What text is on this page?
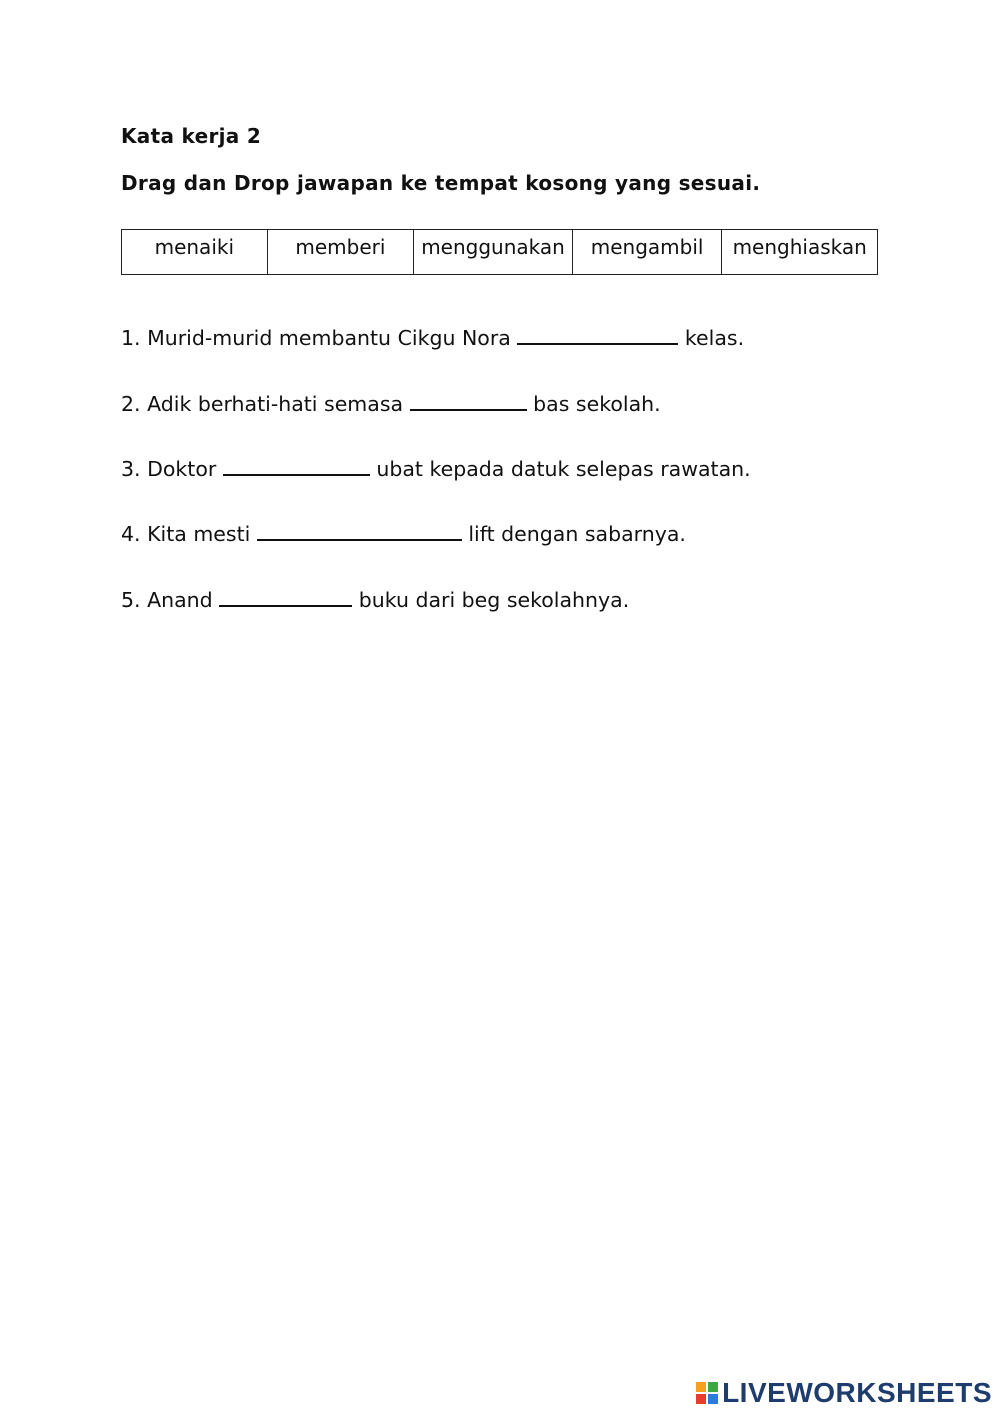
Kata kerja 2
Drag dan Drop jawapan ke tempat kosong yang sesuai.
menaiki	memberi	menggunakan	mengambil	menghiaskan
1. Murid-murid membantu Cikgu Nora	kelas.
2. Adik berhati-hati semasa	bas sekolah.
3. Doktor	ubat kepada datuk selepas rawatan.
4. Kita mesti	lift dengan sabarnya.
5. Anand	buku dari beg sekolahnya.
LIVEWORKSHEETS
